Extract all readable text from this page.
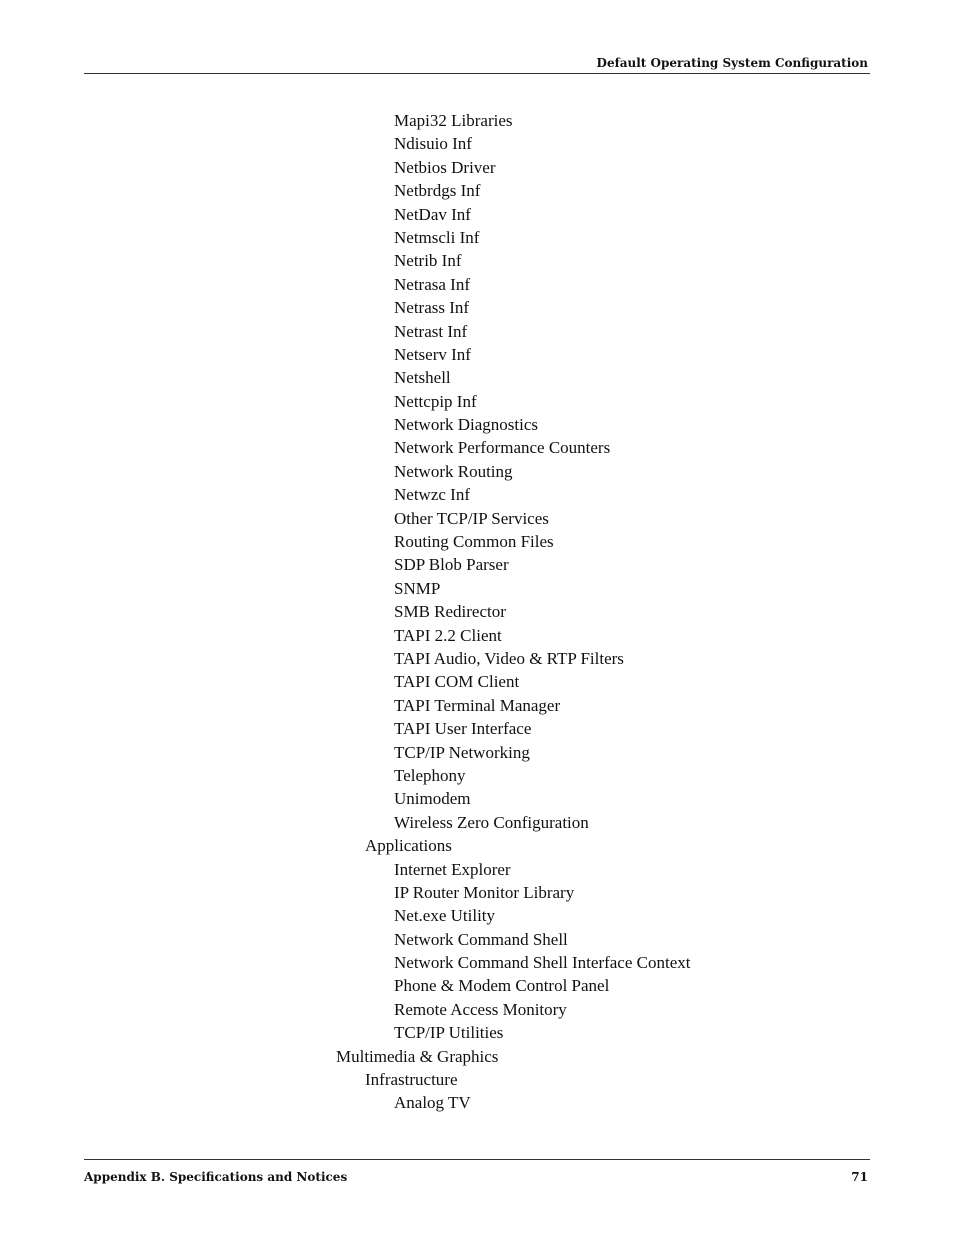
Default Operating System Configuration
Mapi32 Libraries
Ndisuio Inf
Netbios Driver
Netbrdgs Inf
NetDav Inf
Netmscli Inf
Netrib Inf
Netrasa Inf
Netrass Inf
Netrast Inf
Netserv Inf
Netshell
Nettcpip Inf
Network Diagnostics
Network Performance Counters
Network Routing
Netwzc Inf
Other TCP/IP Services
Routing Common Files
SDP Blob Parser
SNMP
SMB Redirector
TAPI 2.2 Client
TAPI Audio, Video & RTP Filters
TAPI COM Client
TAPI Terminal Manager
TAPI User Interface
TCP/IP Networking
Telephony
Unimodem
Wireless Zero Configuration
Applications
Internet Explorer
IP Router Monitor Library
Net.exe Utility
Network Command Shell
Network Command Shell Interface Context
Phone & Modem Control Panel
Remote Access Monitory
TCP/IP Utilities
Multimedia & Graphics
Infrastructure
Analog TV
Appendix B. Specifications and Notices	71
